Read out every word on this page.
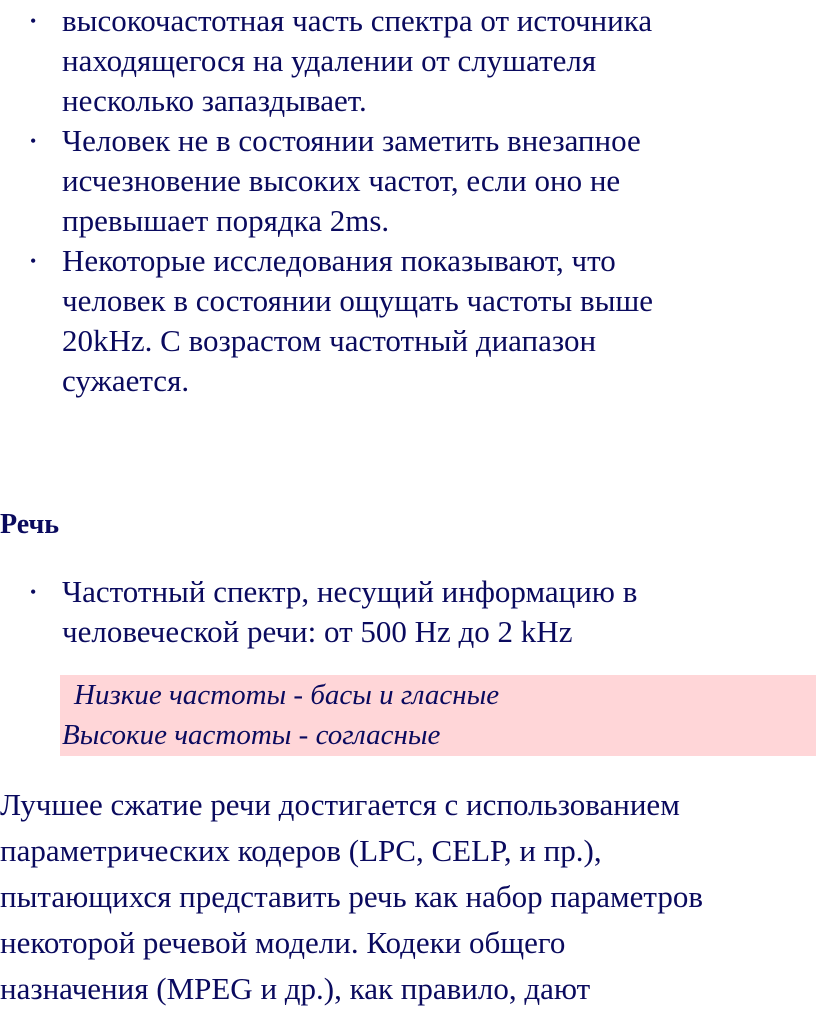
• высокочастотная часть спектра от источника
находящегося на удалении от слушателя
несколько запаздывает.
• Человек не в состоянии заметить внезапное
исчезновение высоких частот, если оно не
превышает порядка 2ms.
• Некоторые исследования показывают, что
человек в состоянии ощущать частоты выше
20kHz. С возрастом частотный диапазон
сужается.
Речь
• Частотный спектр, несущий информацию в
человеческой речи: от 500 Hz до 2 kHz
Низкие частоты - басы и гласные
Высокие частоты - согласные

Лучшее сжатие речи достигается с использованием
параметрических кодеров (LPC, CELP, и пр.),
пытающихся представить речь как набор параметров
некоторой речевой модели. Кодеки общего
назначения (MPEG и др.), как правило, дают
